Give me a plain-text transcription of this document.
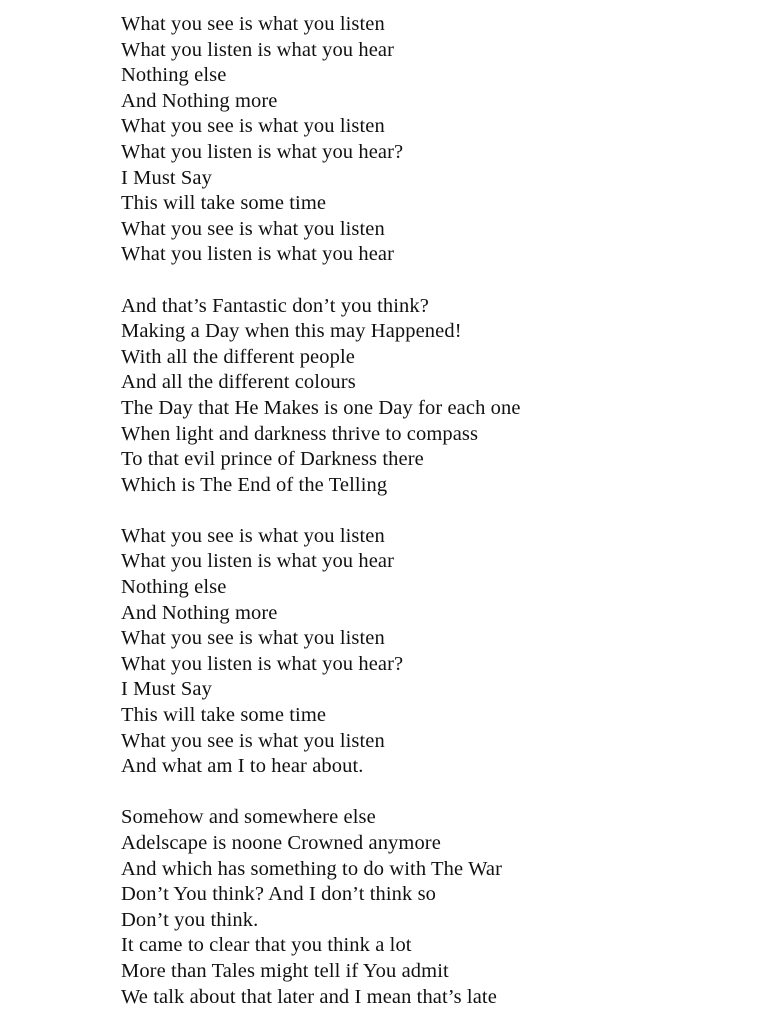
What you see is what you listen
What you listen is what you hear
Nothing else
And Nothing more
What you see is what you listen
What you listen is what you hear?
I Must Say
This will take some time
What you see is what you listen
What you listen is what you hear
And that’s Fantastic don’t you think?
Making a Day when this may Happened!
With all the different people
And all the different colours
The Day that He Makes is one Day for each one
When light and darkness thrive to compass
To that evil prince of Darkness there
Which is The End of the Telling
What you see is what you listen
What you listen is what you hear
Nothing else
And Nothing more
What you see is what you listen
What you listen is what you hear?
I Must Say
This will take some time
What you see is what you listen
And what am I to hear about.
Somehow and somewhere else
Adelscape is noone Crowned anymore
And which has something to do with The War
Don’t You think? And I don’t think so
Don’t you think.
It came to clear that you think a lot
More than Tales might tell if You admit
We talk about that later and I mean that’s late
